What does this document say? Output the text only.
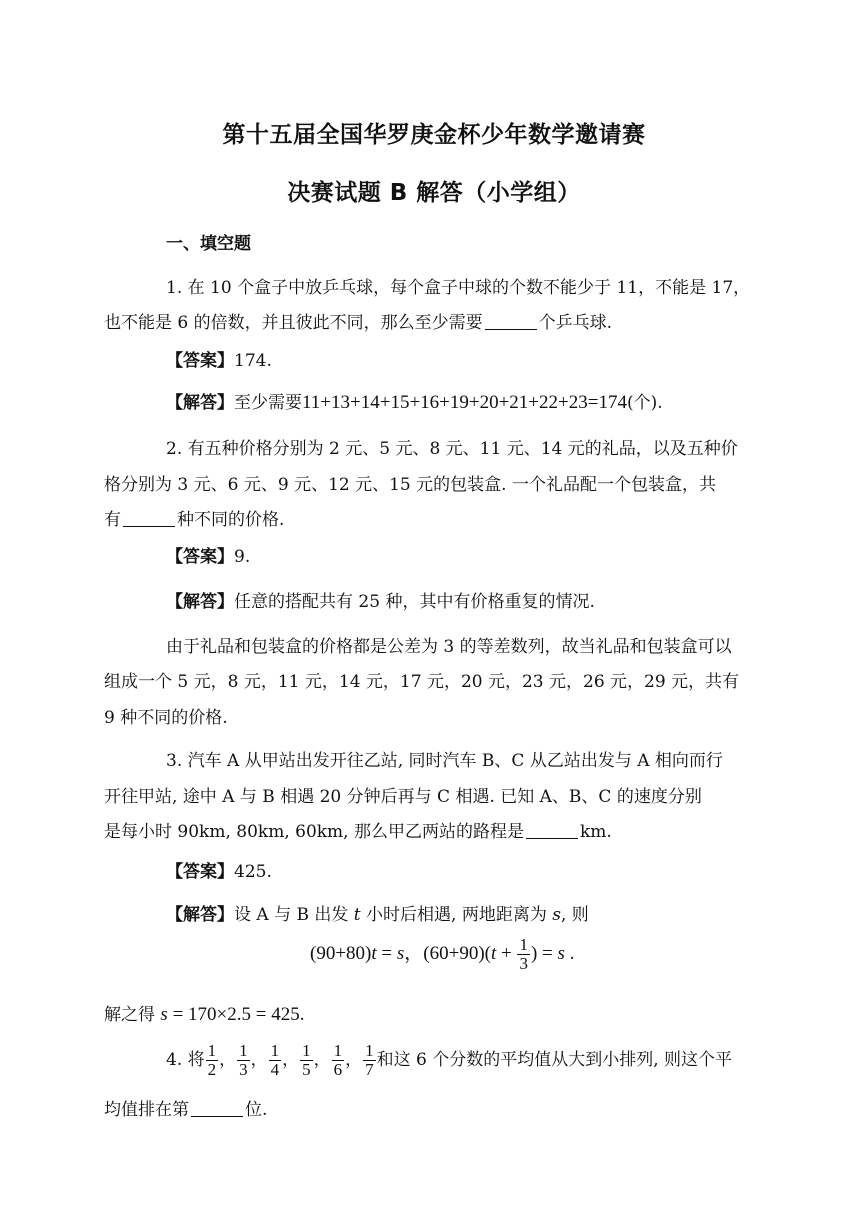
第十五届全国华罗庚金杯少年数学邀请赛
决赛试题 B 解答（小学组）
一、填空题
1. 在 10 个盒子中放乒乓球，每个盒子中球的个数不能少于 11，不能是 17，
也不能是 6 的倍数，并且彼此不同，那么至少需要	个乒乓球.
【答案】174.
【解答】至少需要11+13+14+15+16+19+20+21+22+23=174(个).
2. 有五种价格分别为 2 元、5 元、8 元、11 元、14 元的礼品，以及五种价
格分别为 3 元、6 元、9 元、12 元、15 元的包装盒. 一个礼品配一个包装盒，共
有	种不同的价格.
【答案】9.
【解答】任意的搭配共有 25 种，其中有价格重复的情况.
由于礼品和包装盒的价格都是公差为 3 的等差数列，故当礼品和包装盒可以
组成一个 5 元，8 元，11 元，14 元，17 元，20 元，23 元，26 元，29 元，共有
9 种不同的价格.
3. 汽车 A 从甲站出发开往乙站, 同时汽车 B、C 从乙站出发与 A 相向而行
开往甲站, 途中 A 与 B 相遇 20 分钟后再与 C 相遇. 已知 A、B、C 的速度分别
是每小时 90km, 80km, 60km, 那么甲乙两站的路程是	km.
【答案】425.
【解答】设 A 与 B 出发 t 小时后相遇, 两地距离为 s, 则
(90+80)t = s，$(60+90)(t + \frac{1}{3}$ ) = s .
解之得 s = 170×2.5 = 425.
4. 将 $\frac{1}{2}$ ， $\frac{1}{3}$ ， $\frac{1}{4}$ ， $\frac{1}{5}$ ， $\frac{1}{6}$ ， $\frac{1}{7}$ 和这 6 个分数的平均值从大到小排列, 则这个平
均值排在第	位.
